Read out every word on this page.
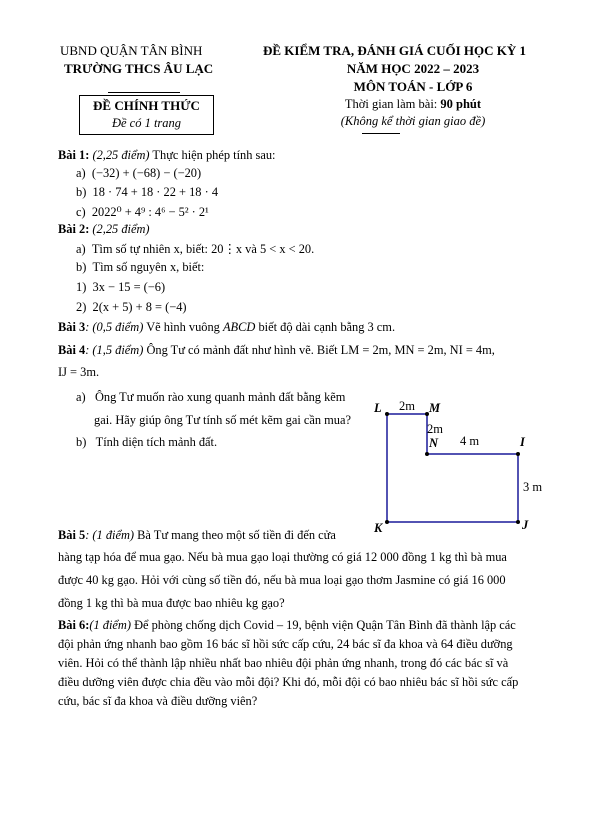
UBND QUẬN TÂN BÌNH
TRƯỜNG THCS ÂU LẠC
ĐỀ CHÍNH THỨC
Đề có 1 trang
ĐỀ KIỂM TRA, ĐÁNH GIÁ CUỐI HỌC KỲ 1
NĂM HỌC 2022 – 2023
MÔN TOÁN - LỚP 6
Thời gian làm bài: 90 phút
(Không kể thời gian giao đề)
Bài 1: (2,25 điểm) Thực hiện phép tính sau:
a) (−32) + (−68) − (−20)
b) 18 · 74 + 18 · 22 + 18 · 4
c) 2022⁰ + 4⁹ : 4⁶ − 5² · 2¹
Bài 2: (2,25 điểm)
a) Tìm số tự nhiên x, biết: 20⋮x và 5 < x < 20.
b) Tìm số nguyên x, biết:
1) 3x − 15 = (−6)
2) 2(x + 5) + 8 = (−4)
Bài 3: (0,5 điểm) Vẽ hình vuông ABCD biết độ dài cạnh bằng 3 cm.
Bài 4: (1,5 điểm) Ông Tư có mảnh đất như hình vẽ. Biết LM = 2m, MN = 2m, NI = 4m,
IJ = 3m.
a) Ông Tư muốn rào xung quanh mảnh đất bằng kẽm
gai. Hãy giúp ông Tư tính số mét kẽm gai cần mua?
b) Tính diện tích mảnh đất.
L	M
N	I
J
K
2m
2m
4 m
3 m
Bài 5: (1 điểm) Bà Tư mang theo một số tiền đi đến cửa
hàng tạp hóa để mua gạo. Nếu bà mua gạo loại thường có giá 12 000 đồng 1 kg thì bà mua
được 40 kg gạo. Hỏi với cùng số tiền đó, nếu bà mua loại gạo thơm Jasmine có giá 16 000
đồng 1 kg thì bà mua được bao nhiêu kg gạo?
Bài 6:(1 điểm) Để phòng chống dịch Covid – 19, bệnh viện Quận Tân Bình đã thành lập các
đội phản ứng nhanh bao gồm 16 bác sĩ hồi sức cấp cứu, 24 bác sĩ đa khoa và 64 điều dưỡng
viên. Hỏi có thể thành lập nhiều nhất bao nhiêu đội phản ứng nhanh, trong đó các bác sĩ và
điều dưỡng viên được chia đều vào mỗi đội? Khi đó, mỗi đội có bao nhiêu bác sĩ hồi sức cấp
cứu, bác sĩ đa khoa và điều dưỡng viên?
